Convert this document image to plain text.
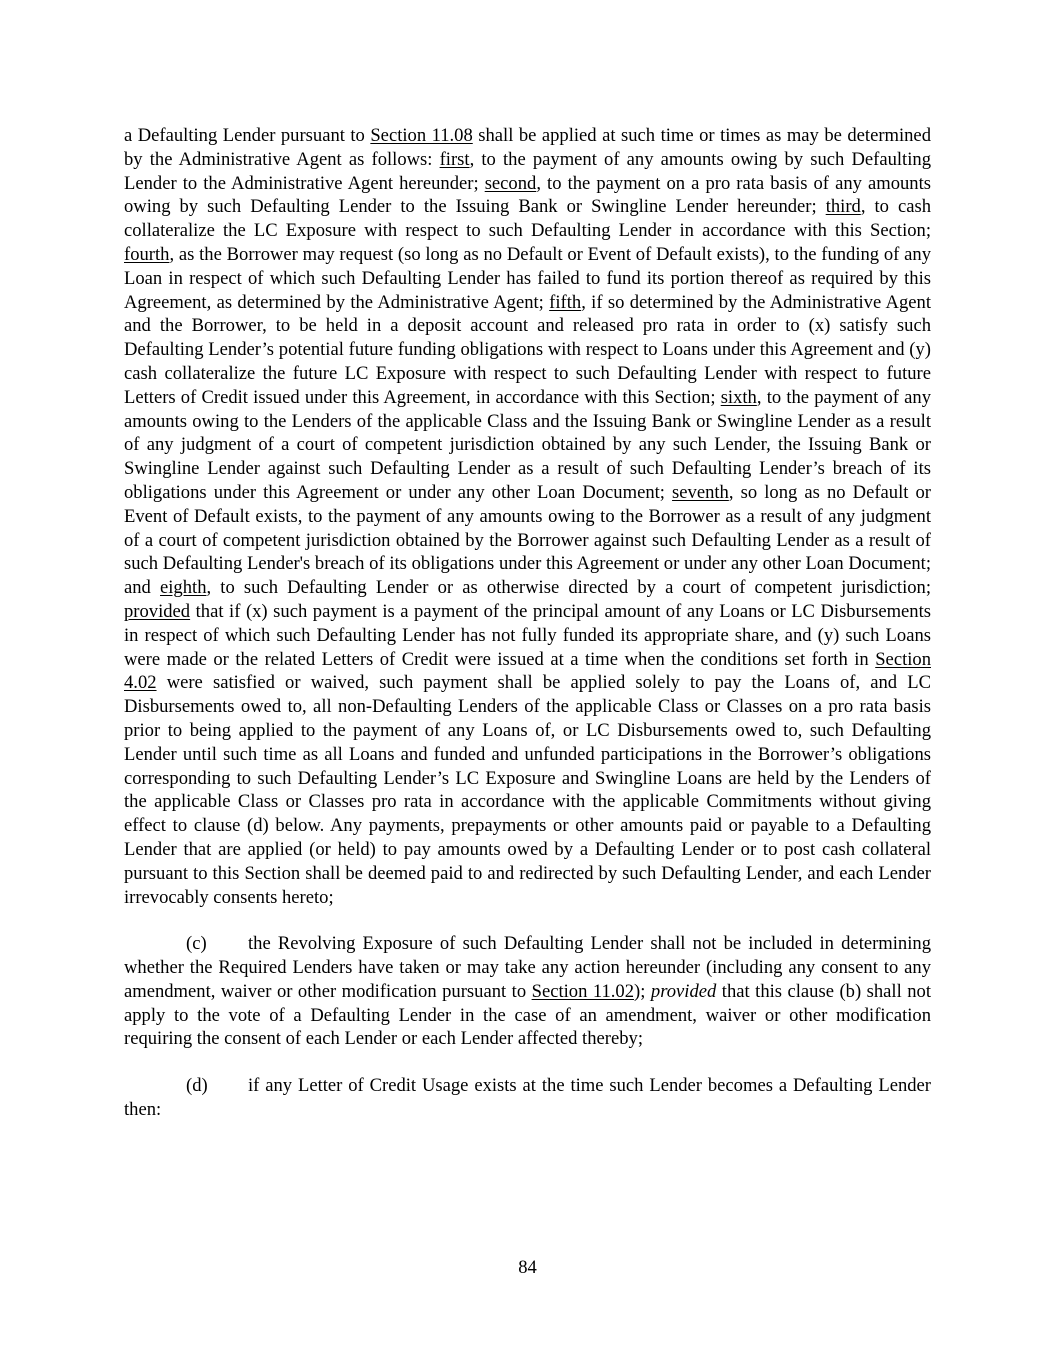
a Defaulting Lender pursuant to Section 11.08 shall be applied at such time or times as may be determined by the Administrative Agent as follows: first, to the payment of any amounts owing by such Defaulting Lender to the Administrative Agent hereunder; second, to the payment on a pro rata basis of any amounts owing by such Defaulting Lender to the Issuing Bank or Swingline Lender hereunder; third, to cash collateralize the LC Exposure with respect to such Defaulting Lender in accordance with this Section; fourth, as the Borrower may request (so long as no Default or Event of Default exists), to the funding of any Loan in respect of which such Defaulting Lender has failed to fund its portion thereof as required by this Agreement, as determined by the Administrative Agent; fifth, if so determined by the Administrative Agent and the Borrower, to be held in a deposit account and released pro rata in order to (x) satisfy such Defaulting Lender’s potential future funding obligations with respect to Loans under this Agreement and (y) cash collateralize the future LC Exposure with respect to such Defaulting Lender with respect to future Letters of Credit issued under this Agreement, in accordance with this Section; sixth, to the payment of any amounts owing to the Lenders of the applicable Class and the Issuing Bank or Swingline Lender as a result of any judgment of a court of competent jurisdiction obtained by any such Lender, the Issuing Bank or Swingline Lender against such Defaulting Lender as a result of such Defaulting Lender’s breach of its obligations under this Agreement or under any other Loan Document; seventh, so long as no Default or Event of Default exists, to the payment of any amounts owing to the Borrower as a result of any judgment of a court of competent jurisdiction obtained by the Borrower against such Defaulting Lender as a result of such Defaulting Lender's breach of its obligations under this Agreement or under any other Loan Document; and eighth, to such Defaulting Lender or as otherwise directed by a court of competent jurisdiction; provided that if (x) such payment is a payment of the principal amount of any Loans or LC Disbursements in respect of which such Defaulting Lender has not fully funded its appropriate share, and (y) such Loans were made or the related Letters of Credit were issued at a time when the conditions set forth in Section 4.02 were satisfied or waived, such payment shall be applied solely to pay the Loans of, and LC Disbursements owed to, all non-Defaulting Lenders of the applicable Class or Classes on a pro rata basis prior to being applied to the payment of any Loans of, or LC Disbursements owed to, such Defaulting Lender until such time as all Loans and funded and unfunded participations in the Borrower’s obligations corresponding to such Defaulting Lender’s LC Exposure and Swingline Loans are held by the Lenders of the applicable Class or Classes pro rata in accordance with the applicable Commitments without giving effect to clause (d) below. Any payments, prepayments or other amounts paid or payable to a Defaulting Lender that are applied (or held) to pay amounts owed by a Defaulting Lender or to post cash collateral pursuant to this Section shall be deemed paid to and redirected by such Defaulting Lender, and each Lender irrevocably consents hereto;

(c) the Revolving Exposure of such Defaulting Lender shall not be included in determining whether the Required Lenders have taken or may take any action hereunder (including any consent to any amendment, waiver or other modification pursuant to Section 11.02); provided that this clause (b) shall not apply to the vote of a Defaulting Lender in the case of an amendment, waiver or other modification requiring the consent of each Lender or each Lender affected thereby;

(d) if any Letter of Credit Usage exists at the time such Lender becomes a Defaulting Lender then:

84
